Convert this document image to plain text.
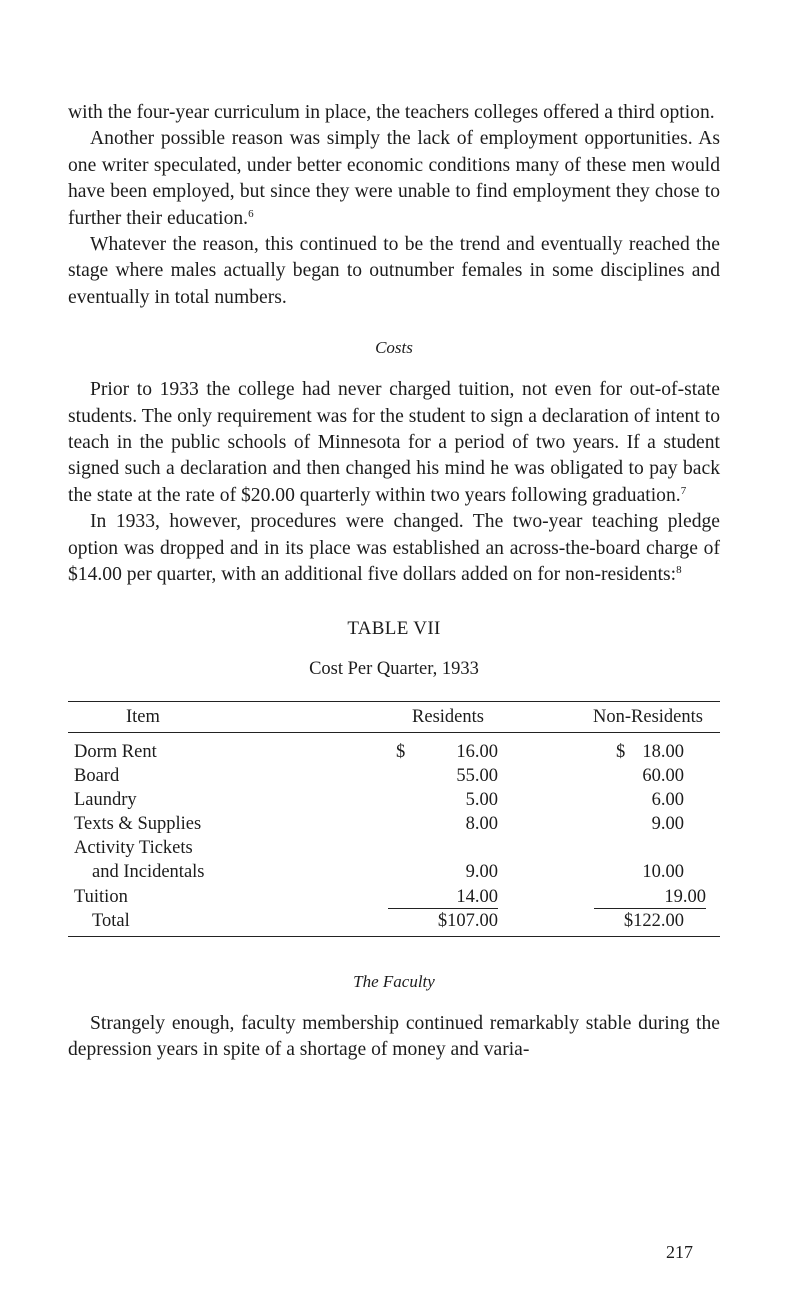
with the four-year curriculum in place, the teachers colleges offered a third option.

Another possible reason was simply the lack of employment opportunities. As one writer speculated, under better economic conditions many of these men would have been employed, but since they were unable to find employment they chose to further their education.$^6$

Whatever the reason, this continued to be the trend and eventually reached the stage where males actually began to outnumber females in some disciplines and eventually in total numbers.

Costs

Prior to 1933 the college had never charged tuition, not even for out-of-state students. The only requirement was for the student to sign a declaration of intent to teach in the public schools of Minnesota for a period of two years. If a student signed such a declaration and then changed his mind he was obligated to pay back the state at the rate of $20.00 quarterly within two years following graduation.$^7$

In 1933, however, procedures were changed. The two-year teaching pledge option was dropped and in its place was established an across-the-board charge of $14.00 per quarter, with an additional five dollars added on for non-residents:$^8$

TABLE VII
Cost Per Quarter, 1933
Item	Residents	Non-Residents
Dorm Rent	$	16.00	$ 18.00
Board	55.00	60.00
Laundry	5.00	6.00
Texts & Supplies	8.00	9.00
Activity Tickets
and Incidentals	9.00	10.00
Tuition	14.00	19.00
Total	$107.00	$122.00
The Faculty

Strangely enough, faculty membership continued remarkably stable during the depression years in spite of a shortage of money and varia-

217
